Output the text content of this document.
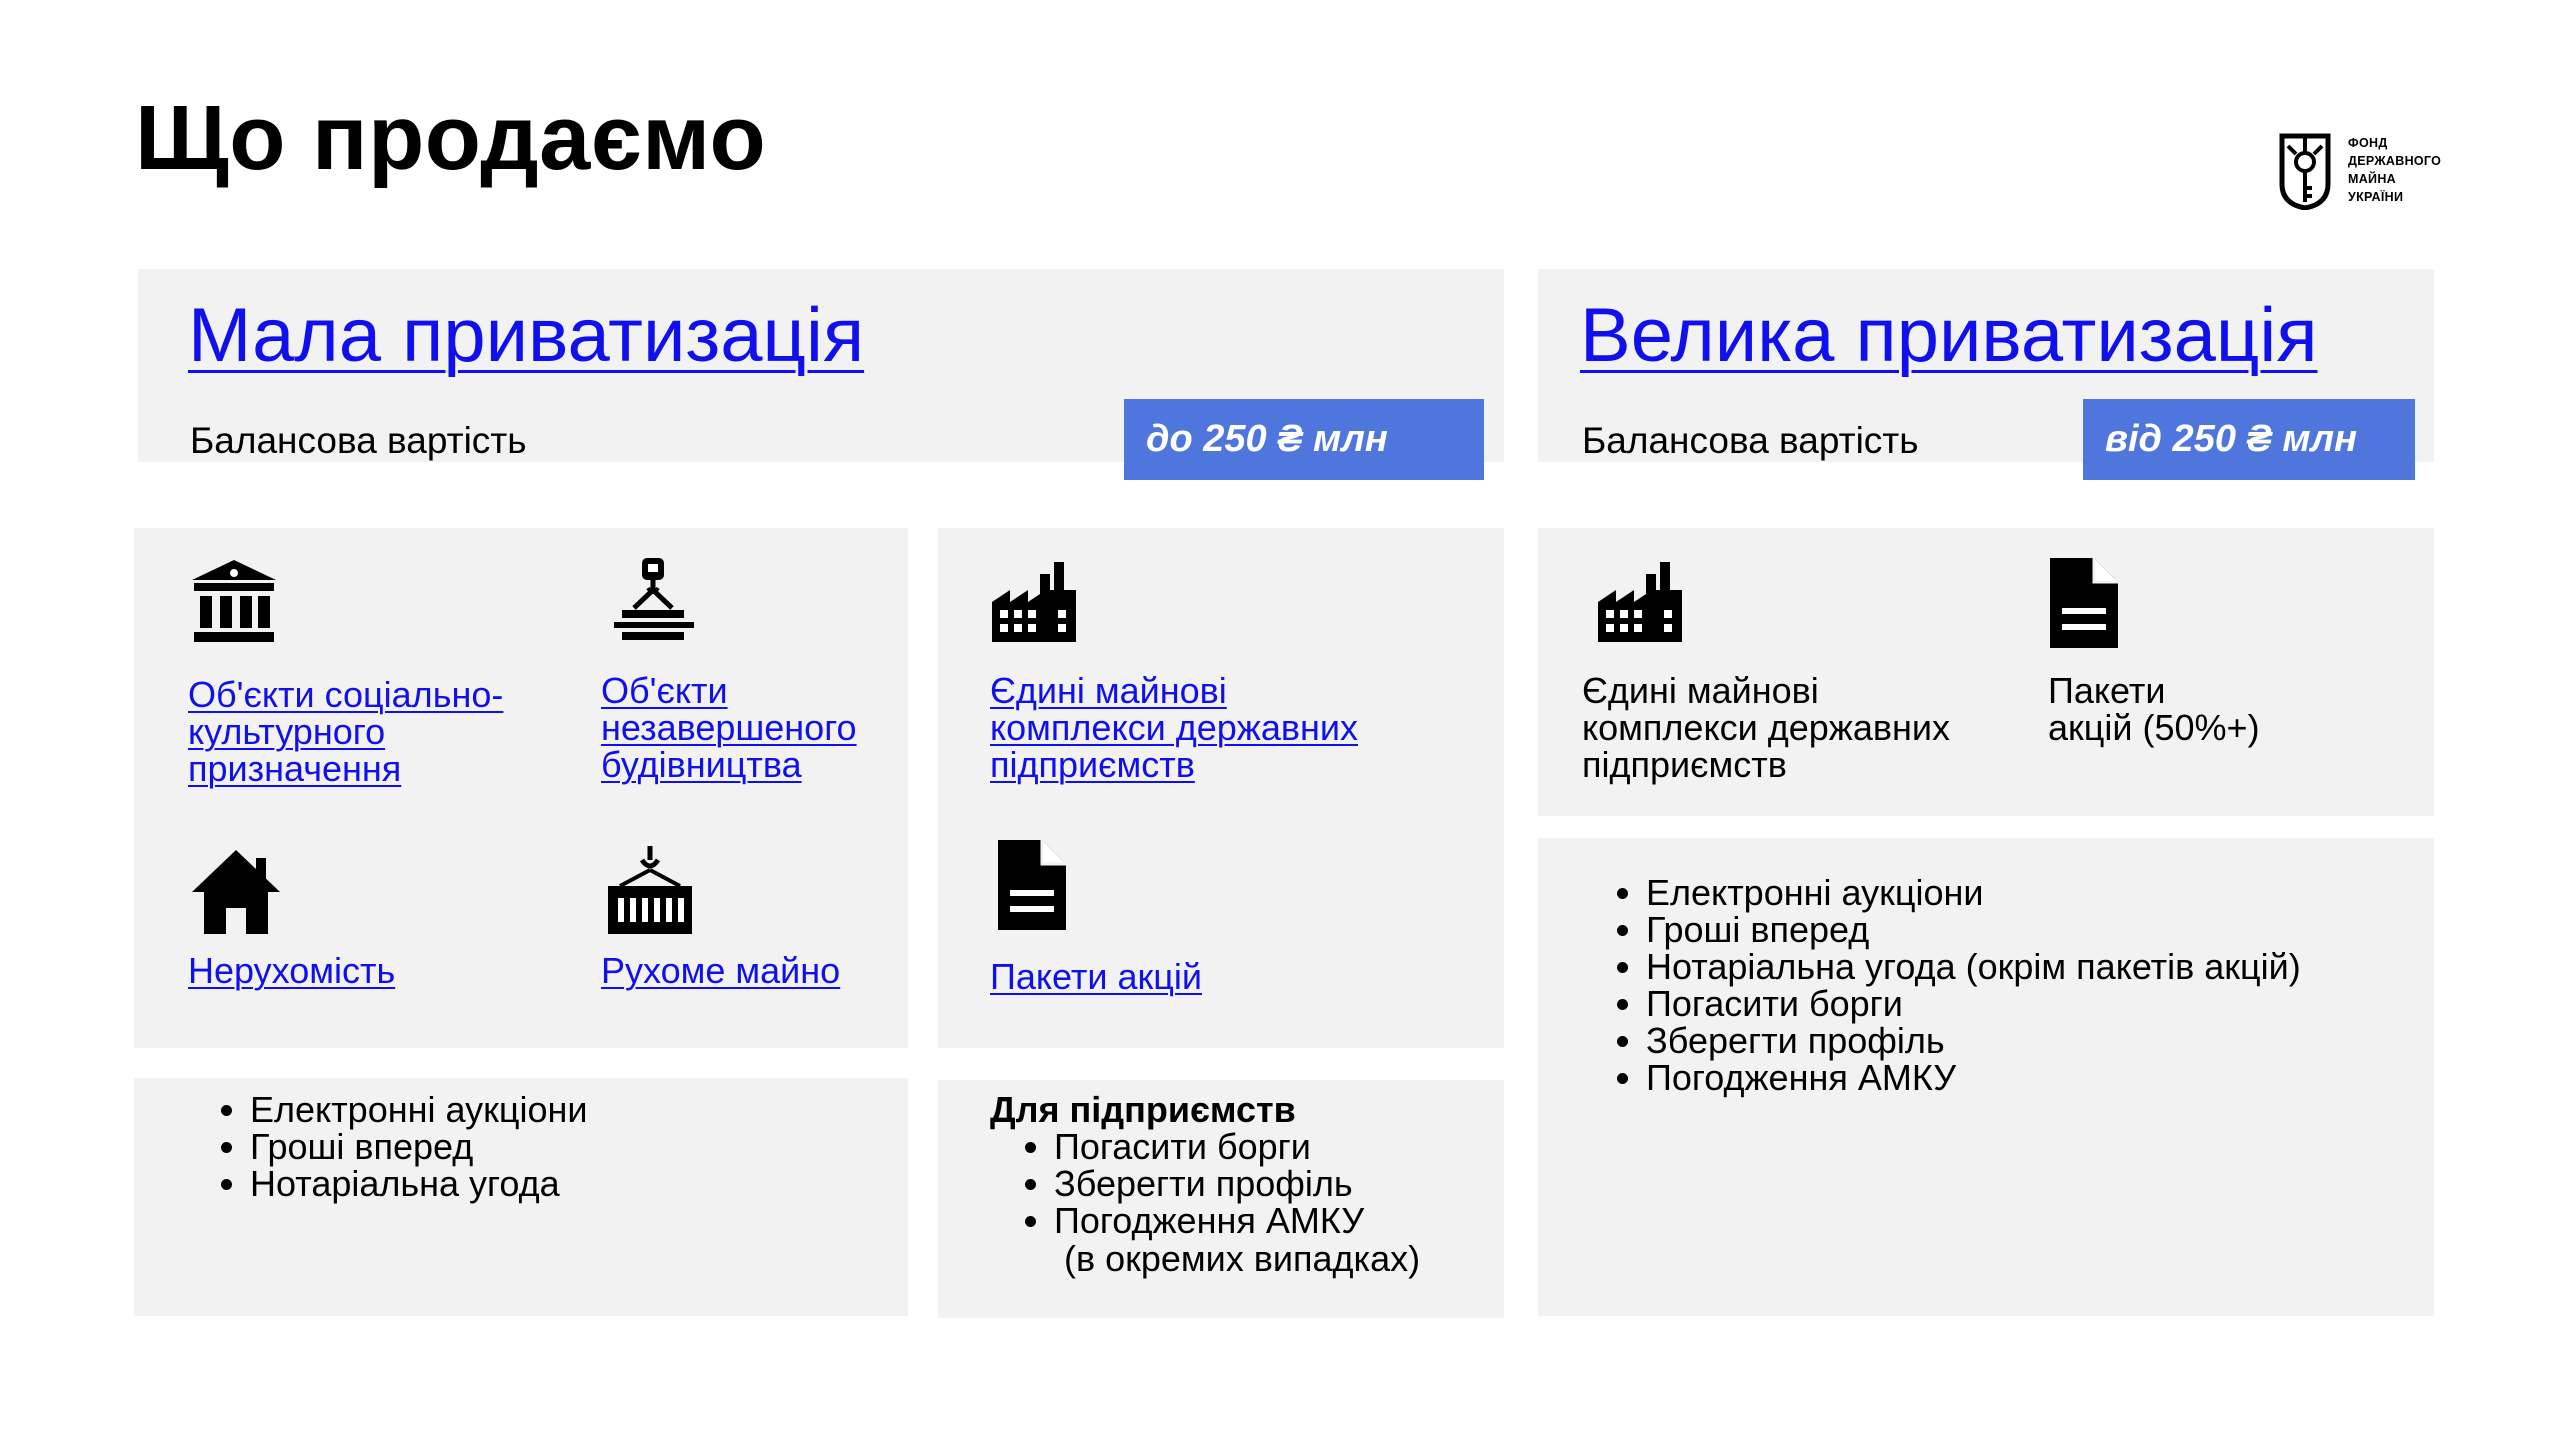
Що продаємо	ФОНД
ДЕРЖАВНОГО
МАЙНА
УКРАЇНИ
Мала приватизація
Балансова вартість	до 250 ₴ млн
Велика приватизація
Балансова вартість	від 250 ₴ млн
Об'єкти соціально-
культурного
призначення
Об'єкти
незавершеного
будівництва
Нерухомість	Рухоме майно
Єдині майнові
комплекси державних
підприємств
Пакети акцій
• Електронні аукціони
• Гроші вперед
• Нотаріальна угода
Для підприємств
• Погасити борги
• Зберегти профіль
• Погодження АМКУ
(в окремих випадках)
Єдині майнові
комплекси державних
підприємств
Пакети
акцій (50%+)
• Електронні аукціони
• Гроші вперед
• Нотаріальна угода (окрім пакетів акцій)
• Погасити борги
• Зберегти профіль
• Погодження АМКУ
